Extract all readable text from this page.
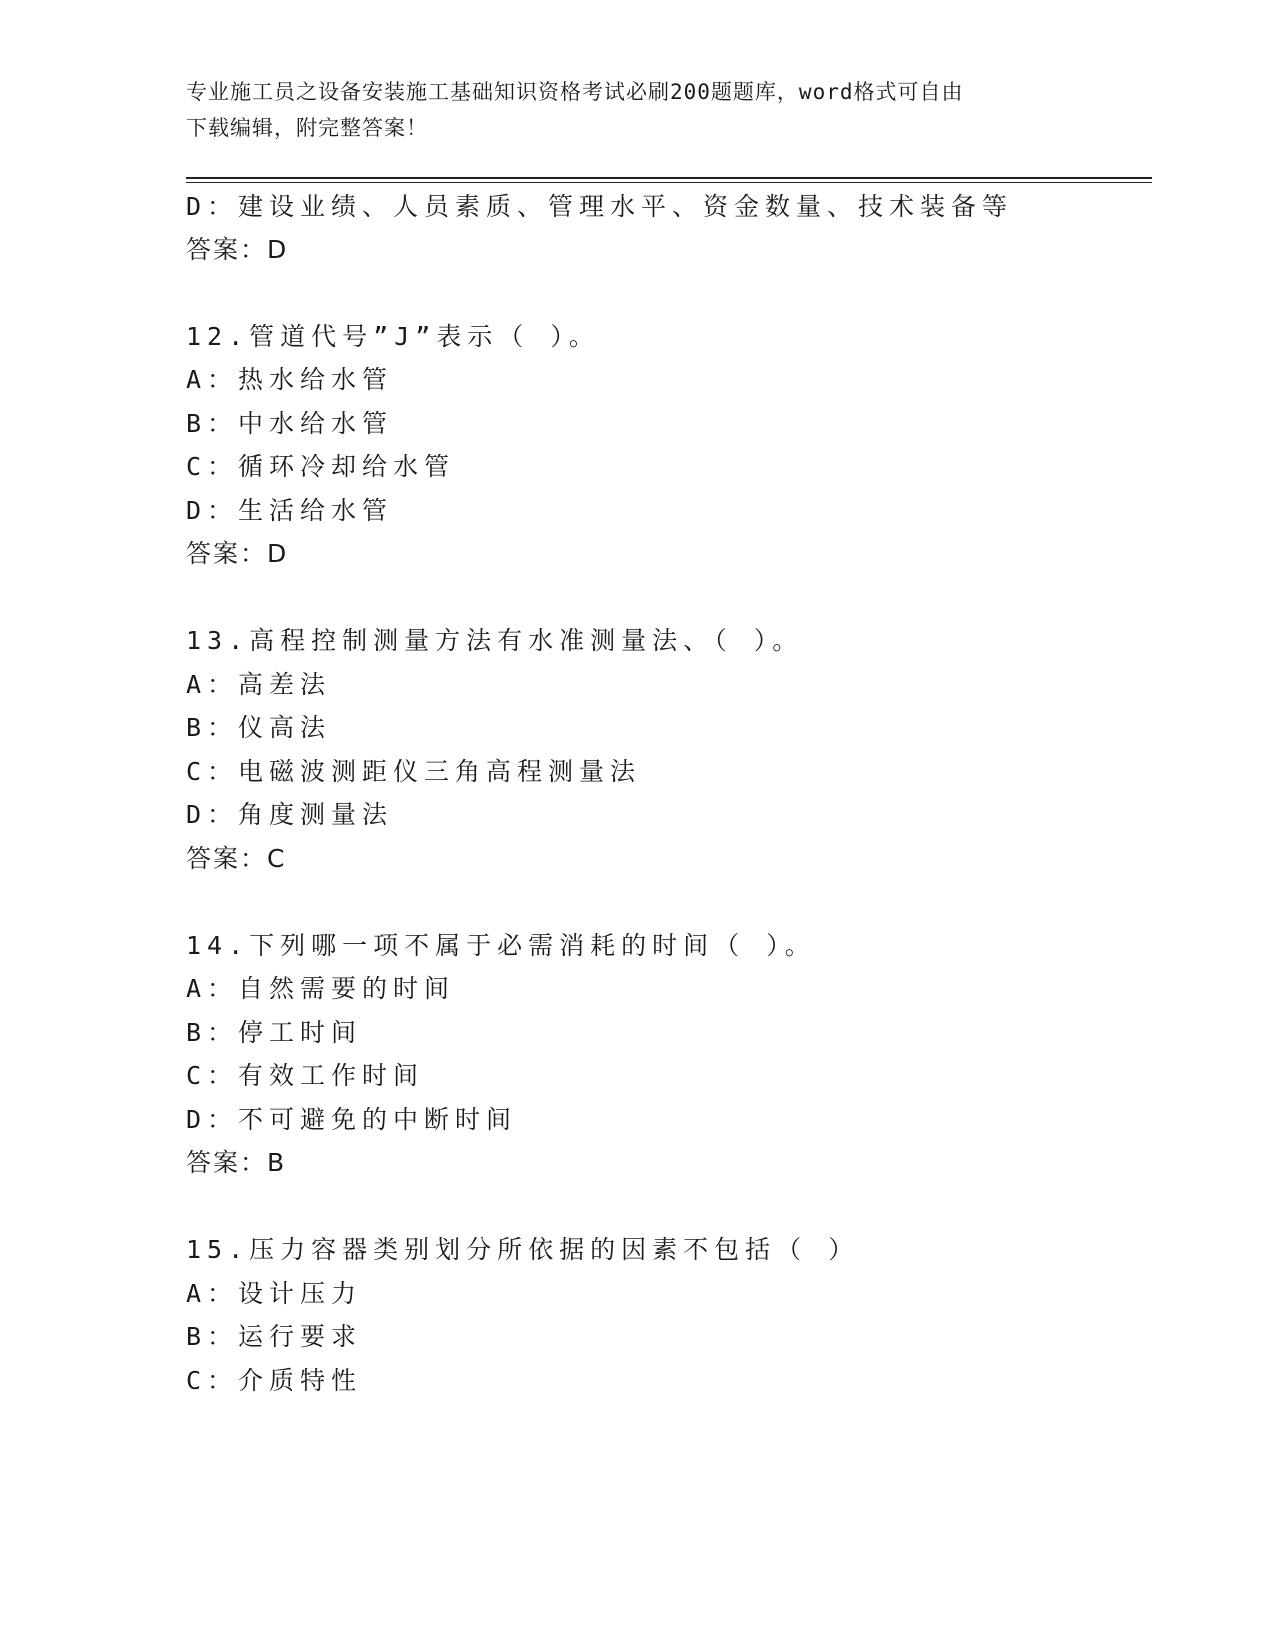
专业施工员之设备安装施工基础知识资格考试必刷200题题库，word格式可自由
下载编辑，附完整答案！
D：建设业绩、人员素质、管理水平、资金数量、技术装备等
答案：D
12.管道代号”J”表示（ ）。
A：热水给水管
B：中水给水管
C：循环冷却给水管
D：生活给水管
答案：D
13.高程控制测量方法有水准测量法、（ ）。
A：高差法
B：仪高法
C：电磁波测距仪三角高程测量法
D：角度测量法
答案：C
14.下列哪一项不属于必需消耗的时间（ ）。
A：自然需要的时间
B：停工时间
C：有效工作时间
D：不可避免的中断时间
答案：B
15.压力容器类别划分所依据的因素不包括（ ）
A：设计压力
B：运行要求
C：介质特性
